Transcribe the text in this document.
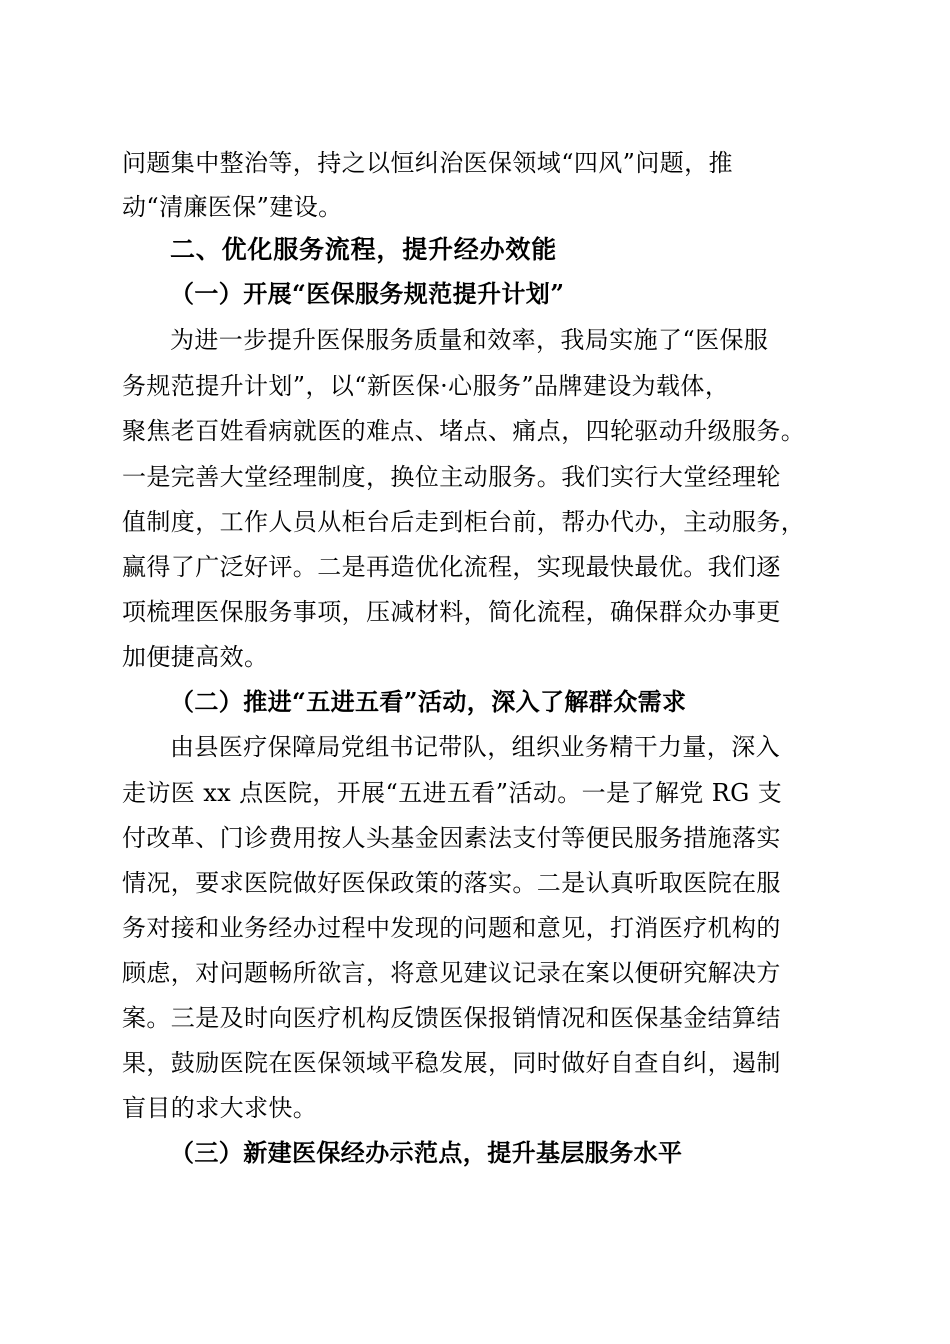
问题集中整治等，持之以恒纠治医保领域“四风”问题，推
动“清廉医保”建设。
二、优化服务流程，提升经办效能
（一）开展“医保服务规范提升计划”
为进一步提升医保服务质量和效率，我局实施了“医保服
务规范提升计划”，以“新医保·心服务”品牌建设为载体，
聚焦老百姓看病就医的难点、堵点、痛点，四轮驱动升级服务。
一是完善大堂经理制度，换位主动服务。我们实行大堂经理轮
值制度，工作人员从柜台后走到柜台前，帮办代办，主动服务，
赢得了广泛好评。二是再造优化流程，实现最快最优。我们逐
项梳理医保服务事项，压减材料，简化流程，确保群众办事更
加便捷高效。
（二）推进“五进五看”活动，深入了解群众需求
由县医疗保障局党组书记带队，组织业务精干力量，深入
走访医 xx 点医院，开展“五进五看”活动。一是了解党 RG 支
付改革、门诊费用按人头基金因素法支付等便民服务措施落实
情况，要求医院做好医保政策的落实。二是认真听取医院在服
务对接和业务经办过程中发现的问题和意见，打消医疗机构的
顾虑，对问题畅所欲言，将意见建议记录在案以便研究解决方
案。三是及时向医疗机构反馈医保报销情况和医保基金结算结
果，鼓励医院在医保领域平稳发展，同时做好自查自纠，遏制
盲目的求大求快。
（三）新建医保经办示范点，提升基层服务水平
